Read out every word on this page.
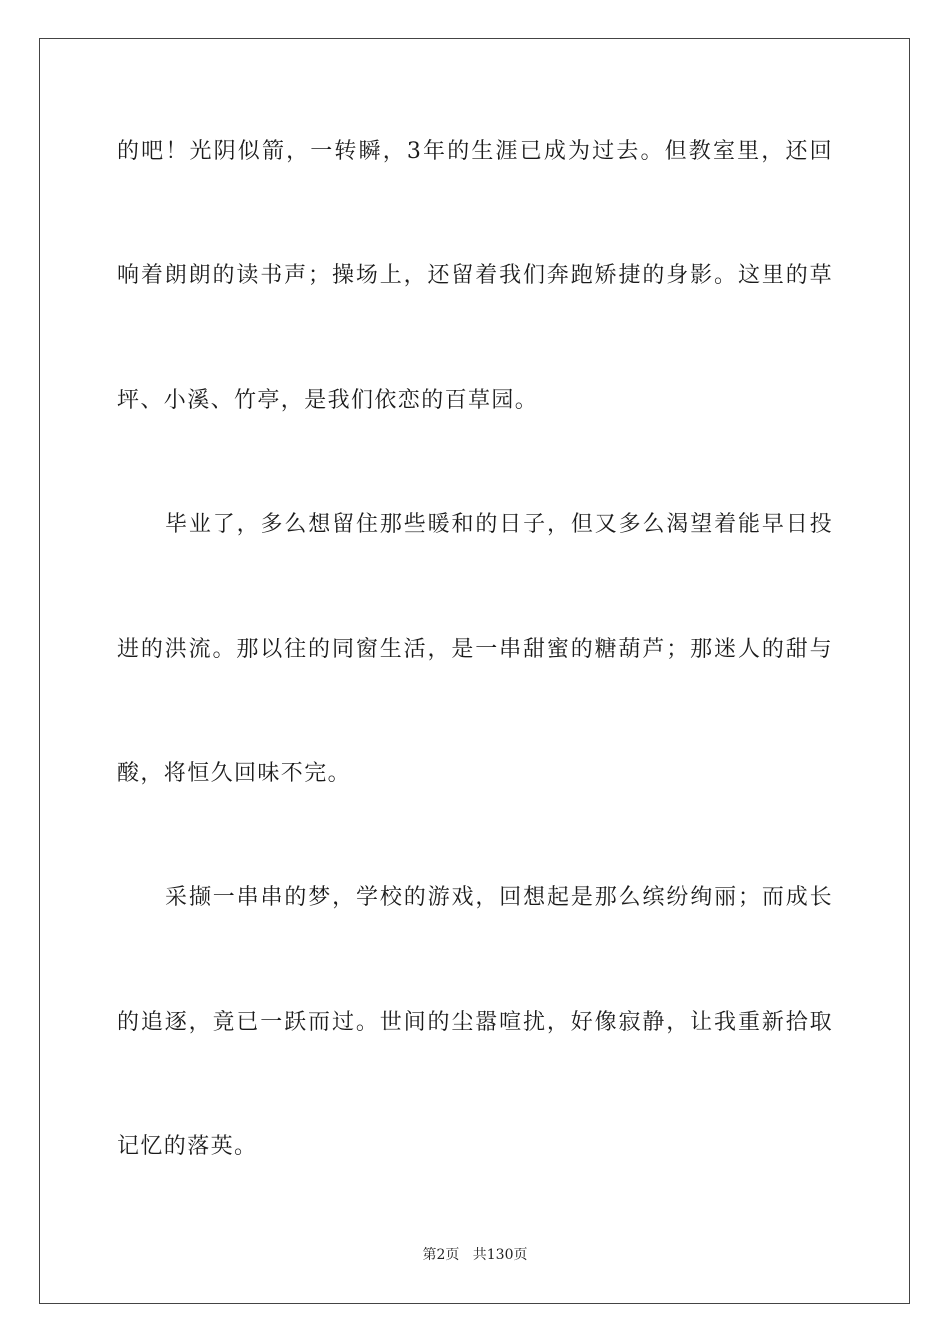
的吧！光阴似箭，一转瞬，3年的生涯已成为过去。但教室里，还回
响着朗朗的读书声；操场上，还留着我们奔跑矫捷的身影。这里的草
坪、小溪、竹亭，是我们依恋的百草园。
毕业了，多么想留住那些暖和的日子，但又多么渴望着能早日投
进的洪流。那以往的同窗生活，是一串甜蜜的糖葫芦；那迷人的甜与
酸，将恒久回味不完。
采撷一串串的梦，学校的游戏，回想起是那么缤纷绚丽；而成长
的追逐，竟已一跃而过。世间的尘嚣喧扰，好像寂静，让我重新拾取
记忆的落英。
第2页 共130页
